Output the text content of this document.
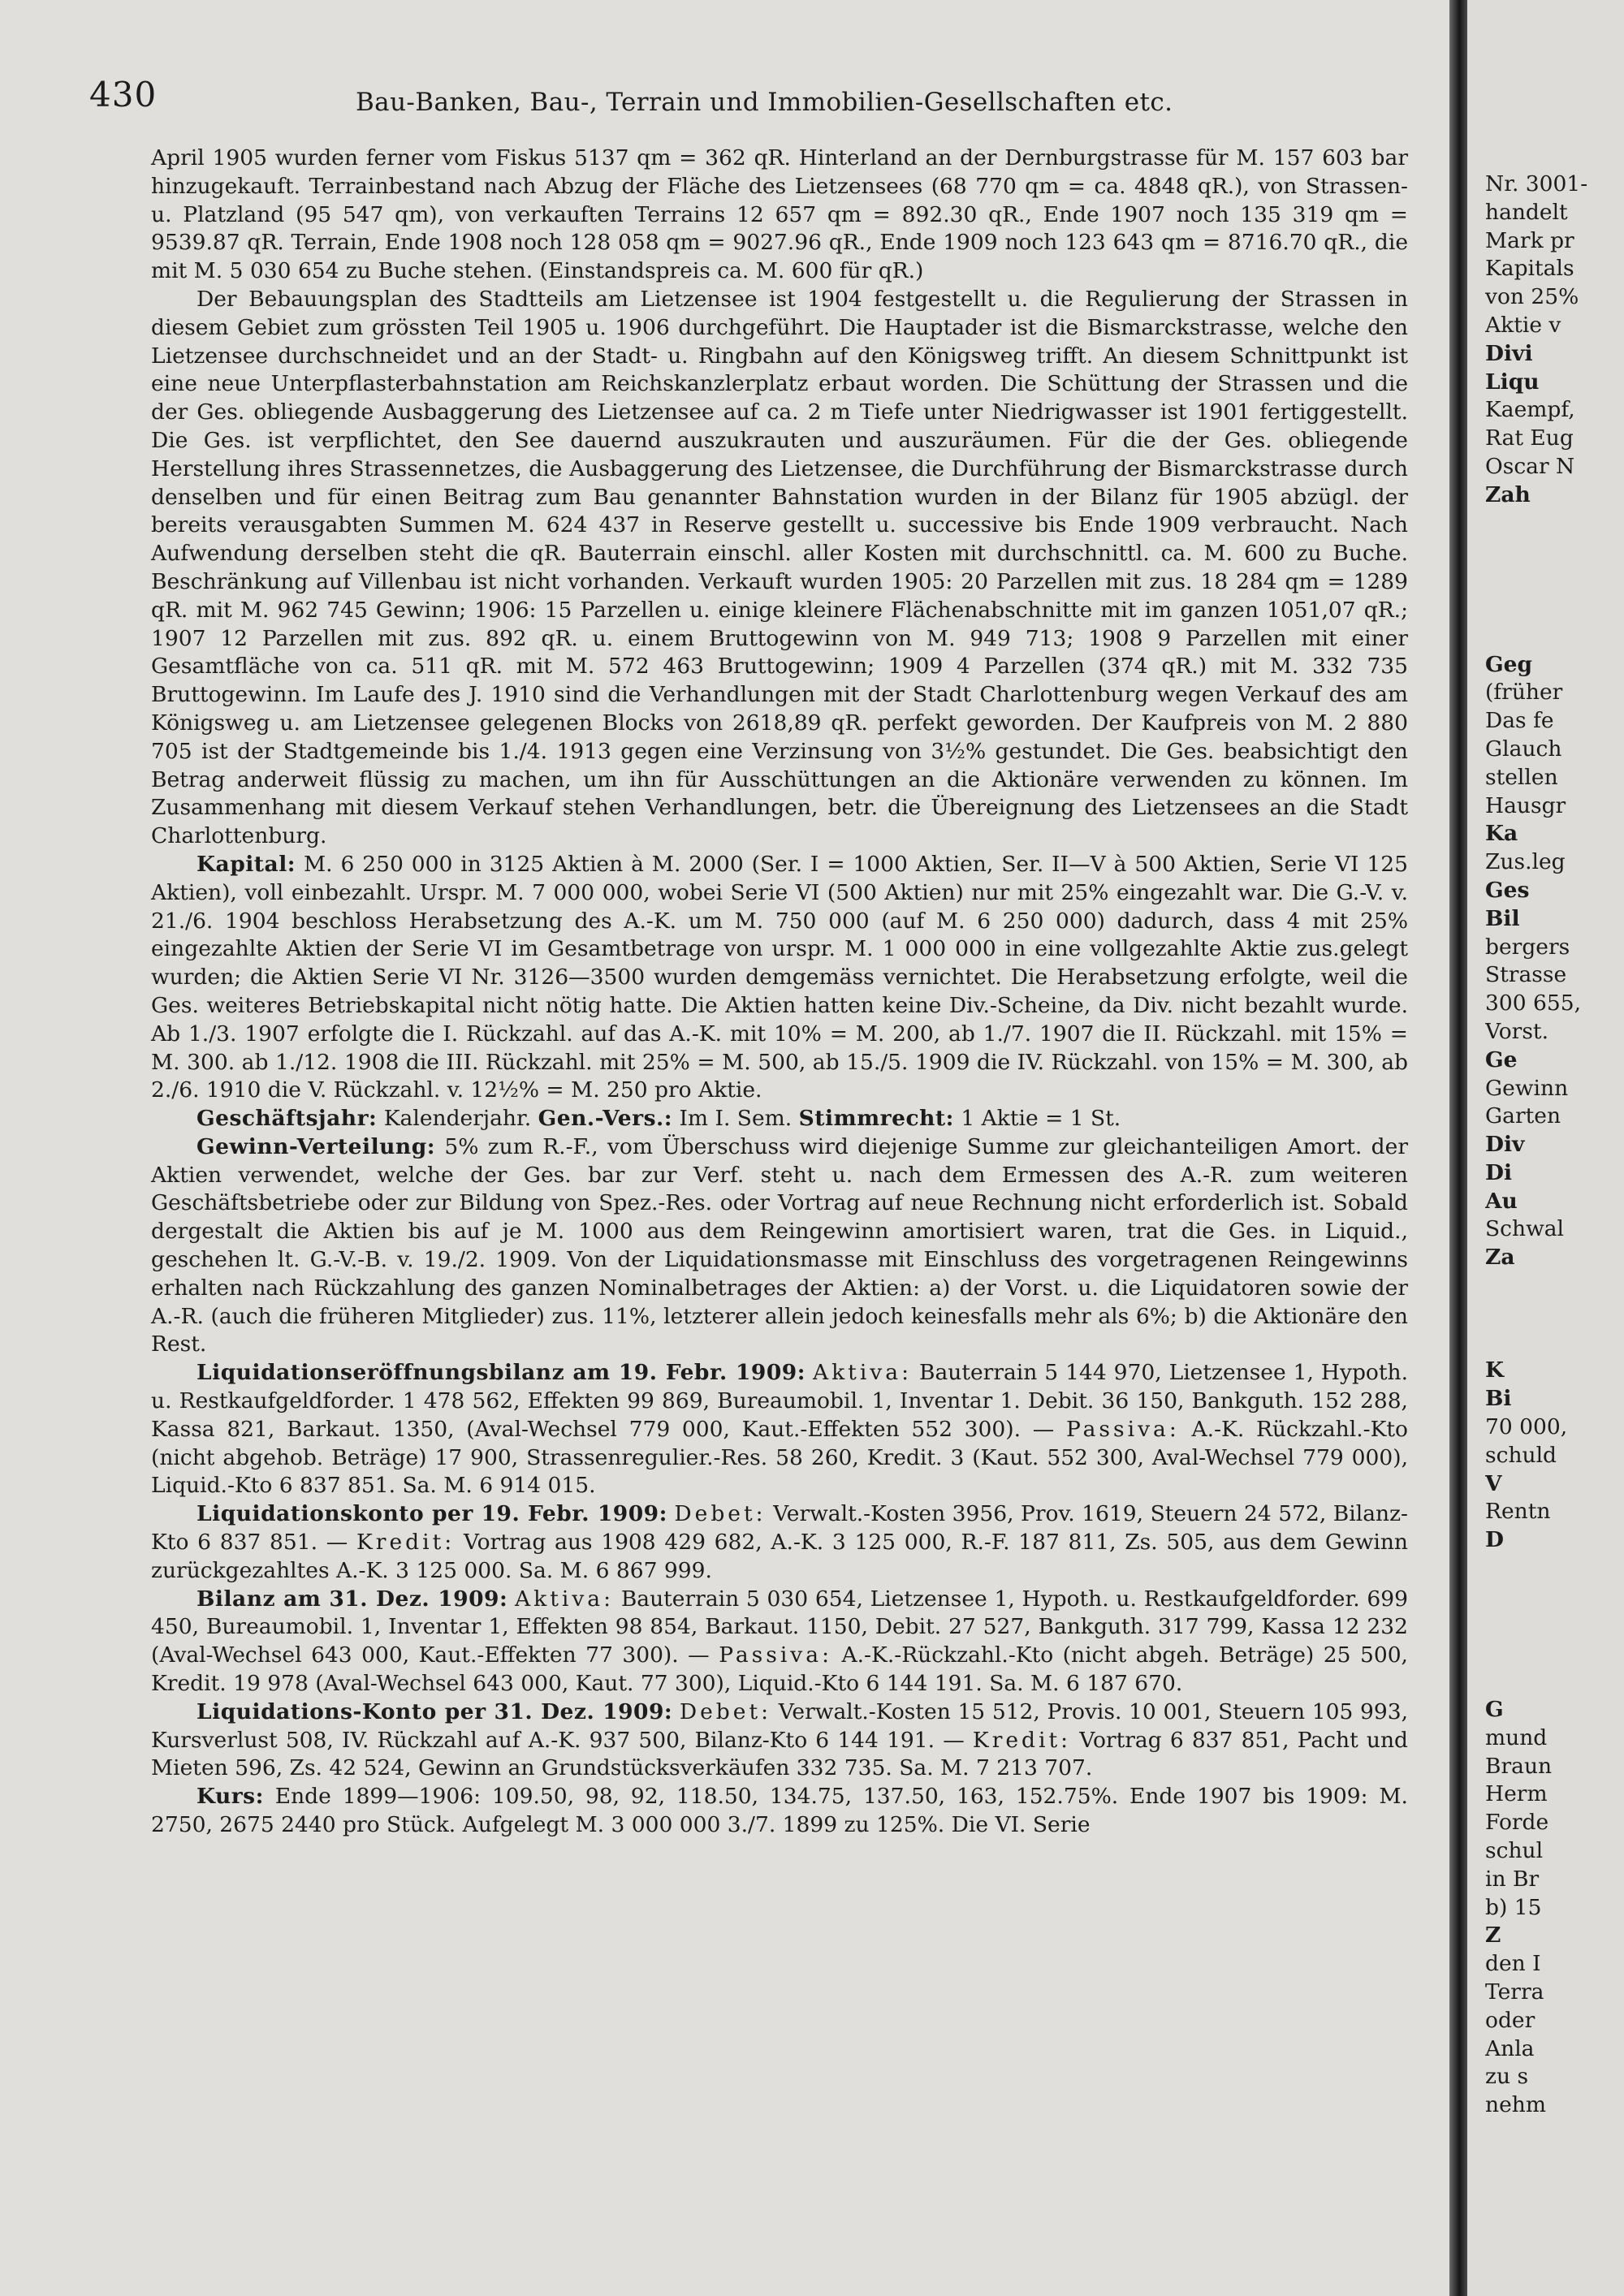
430	Bau-Banken, Bau-, Terrain und Immobilien-Gesellschaften etc.

April 1905 wurden ferner vom Fiskus 5137 qm = 362 qR. Hinterland an der Dernburgstrasse für M. 157 603 bar hinzugekauft. Terrainbestand nach Abzug der Fläche des Lietzensees (68 770 qm = ca. 4848 qR.), von Strassen- u. Platzland (95 547 qm), von verkauften Terrains 12 657 qm = 892.30 qR., Ende 1907 noch 135 319 qm = 9539.87 qR. Terrain, Ende 1908 noch 128 058 qm = 9027.96 qR., Ende 1909 noch 123 643 qm = 8716.70 qR., die mit M. 5 030 654 zu Buche stehen. (Einstandspreis ca. M. 600 für qR.)

Der Bebauungsplan des Stadtteils am Lietzensee ist 1904 festgestellt u. die Regulierung der Strassen in diesem Gebiet zum grössten Teil 1905 u. 1906 durchgeführt. Die Hauptader ist die Bismarckstrasse, welche den Lietzensee durchschneidet und an der Stadt- u. Ringbahn auf den Königsweg trifft. An diesem Schnittpunkt ist eine neue Unterpflasterbahnstation am Reichskanzlerplatz erbaut worden. Die Schüttung der Strassen und die der Ges. obliegende Ausbaggerung des Lietzensee auf ca. 2 m Tiefe unter Niedrigwasser ist 1901 fertiggestellt. Die Ges. ist verpflichtet, den See dauernd auszukrauten und auszuräumen. Für die der Ges. obliegende Herstellung ihres Strassennetzes, die Ausbaggerung des Lietzensee, die Durchführung der Bismarckstrasse durch denselben und für einen Beitrag zum Bau genannter Bahnstation wurden in der Bilanz für 1905 abzügl. der bereits verausgabten Summen M. 624 437 in Reserve gestellt u. successive bis Ende 1909 verbraucht. Nach Aufwendung derselben steht die qR. Bauterrain einschl. aller Kosten mit durchschnittl. ca. M. 600 zu Buche. Beschränkung auf Villenbau ist nicht vorhanden. Verkauft wurden 1905: 20 Parzellen mit zus. 18 284 qm = 1289 qR. mit M. 962 745 Gewinn; 1906: 15 Parzellen u. einige kleinere Flächenabschnitte mit im ganzen 1051,07 qR.; 1907 12 Parzellen mit zus. 892 qR. u. einem Bruttogewinn von M. 949 713; 1908 9 Parzellen mit einer Gesamtfläche von ca. 511 qR. mit M. 572 463 Bruttogewinn; 1909 4 Parzellen (374 qR.) mit M. 332 735 Bruttogewinn. Im Laufe des J. 1910 sind die Verhandlungen mit der Stadt Charlottenburg wegen Verkauf des am Königsweg u. am Lietzensee gelegenen Blocks von 2618,89 qR. perfekt geworden. Der Kaufpreis von M. 2 880 705 ist der Stadtgemeinde bis 1./4. 1913 gegen eine Verzinsung von 3½% gestundet. Die Ges. beabsichtigt den Betrag anderweit flüssig zu machen, um ihn für Ausschüttungen an die Aktionäre verwenden zu können. Im Zusammenhang mit diesem Verkauf stehen Verhandlungen, betr. die Übereignung des Lietzensees an die Stadt Charlottenburg.

Kapital: M. 6 250 000 in 3125 Aktien à M. 2000 (Ser. I = 1000 Aktien, Ser. II—V à 500 Aktien, Serie VI 125 Aktien), voll einbezahlt. Urspr. M. 7 000 000, wobei Serie VI (500 Aktien) nur mit 25% eingezahlt war. Die G.-V. v. 21./6. 1904 beschloss Herabsetzung des A.-K. um M. 750 000 (auf M. 6 250 000) dadurch, dass 4 mit 25% eingezahlte Aktien der Serie VI im Gesamtbetrage von urspr. M. 1 000 000 in eine vollgezahlte Aktie zus.gelegt wurden; die Aktien Serie VI Nr. 3126—3500 wurden demgemäss vernichtet. Die Herabsetzung erfolgte, weil die Ges. weiteres Betriebskapital nicht nötig hatte. Die Aktien hatten keine Div.-Scheine, da Div. nicht bezahlt wurde. Ab 1./3. 1907 erfolgte die I. Rückzahl. auf das A.-K. mit 10% = M. 200, ab 1./7. 1907 die II. Rückzahl. mit 15% = M. 300. ab 1./12. 1908 die III. Rückzahl. mit 25% = M. 500, ab 15./5. 1909 die IV. Rückzahl. von 15% = M. 300, ab 2./6. 1910 die V. Rückzahl. v. 12½% = M. 250 pro Aktie.

Geschäftsjahr: Kalenderjahr. Gen.-Vers.: Im I. Sem. Stimmrecht: 1 Aktie = 1 St.

Gewinn-Verteilung: 5% zum R.-F., vom Überschuss wird diejenige Summe zur gleichanteiligen Amort. der Aktien verwendet, welche der Ges. bar zur Verf. steht u. nach dem Ermessen des A.-R. zum weiteren Geschäftsbetriebe oder zur Bildung von Spez.-Res. oder Vortrag auf neue Rechnung nicht erforderlich ist. Sobald dergestalt die Aktien bis auf je M. 1000 aus dem Reingewinn amortisiert waren, trat die Ges. in Liquid., geschehen lt. G.-V.-B. v. 19./2. 1909. Von der Liquidationsmasse mit Einschluss des vorgetragenen Reingewinns erhalten nach Rückzahlung des ganzen Nominalbetrages der Aktien: a) der Vorst. u. die Liquidatoren sowie der A.-R. (auch die früheren Mitglieder) zus. 11%, letzterer allein jedoch keinesfalls mehr als 6%; b) die Aktionäre den Rest.

Liquidationseröffnungsbilanz am 19. Febr. 1909: Aktiva: Bauterrain 5 144 970, Lietzensee 1, Hypoth. u. Restkaufgeldforder. 1 478 562, Effekten 99 869, Bureaumobil. 1, Inventar 1. Debit. 36 150, Bankguth. 152 288, Kassa 821, Barkaut. 1350, (Aval-Wechsel 779 000, Kaut.-Effekten 552 300). — Passiva: A.-K. Rückzahl.-Kto (nicht abgehob. Beträge) 17 900, Strassenregulier.-Res. 58 260, Kredit. 3 (Kaut. 552 300, Aval-Wechsel 779 000), Liquid.-Kto 6 837 851. Sa. M. 6 914 015.

Liquidationskonto per 19. Febr. 1909: Debet: Verwalt.-Kosten 3956, Prov. 1619, Steuern 24 572, Bilanz-Kto 6 837 851. — Kredit: Vortrag aus 1908 429 682, A.-K. 3 125 000, R.-F. 187 811, Zs. 505, aus dem Gewinn zurückgezahltes A.-K. 3 125 000. Sa. M. 6 867 999.

Bilanz am 31. Dez. 1909: Aktiva: Bauterrain 5 030 654, Lietzensee 1, Hypoth. u. Restkaufgeldforder. 699 450, Bureaumobil. 1, Inventar 1, Effekten 98 854, Barkaut. 1150, Debit. 27 527, Bankguth. 317 799, Kassa 12 232 (Aval-Wechsel 643 000, Kaut.-Effekten 77 300). — Passiva: A.-K.-Rückzahl.-Kto (nicht abgeh. Beträge) 25 500, Kredit. 19 978 (Aval-Wechsel 643 000, Kaut. 77 300), Liquid.-Kto 6 144 191. Sa. M. 6 187 670.

Liquidations-Konto per 31. Dez. 1909: Debet: Verwalt.-Kosten 15 512, Provis. 10 001, Steuern 105 993, Kursverlust 508, IV. Rückzahl auf A.-K. 937 500, Bilanz-Kto 6 144 191. — Kredit: Vortrag 6 837 851, Pacht und Mieten 596, Zs. 42 524, Gewinn an Grundstücksverkäufen 332 735. Sa. M. 7 213 707.

Kurs: Ende 1899—1906: 109.50, 98, 92, 118.50, 134.75, 137.50, 163, 152.75%. Ende 1907 bis 1909: M. 2750, 2675 2440 pro Stück. Aufgelegt M. 3 000 000 3./7. 1899 zu 125%. Die VI. Serie

Nr. 3001-
handelt
Mark pr
Kapitals
von 25%
Aktie v
Divi
Liqu
Kaempf,
Rat Eug
Oscar N
Zah
Geg
(früher
Das fe
Glauch
stellen
Hausgr
Ka
Zus.leg
Ges
Bil
bergers
Strasse
300 655,
Vorst.
Ge
Gewinn
Garten
Div
Di
Au
Schwal
Za
K
Bi
70 000,
schuld
V
Rentn
D
G
mund
Braun
Herm
Forde
schul
in Br
b) 15
Z
den I
Terra
oder
Anla
zu s
nehm
